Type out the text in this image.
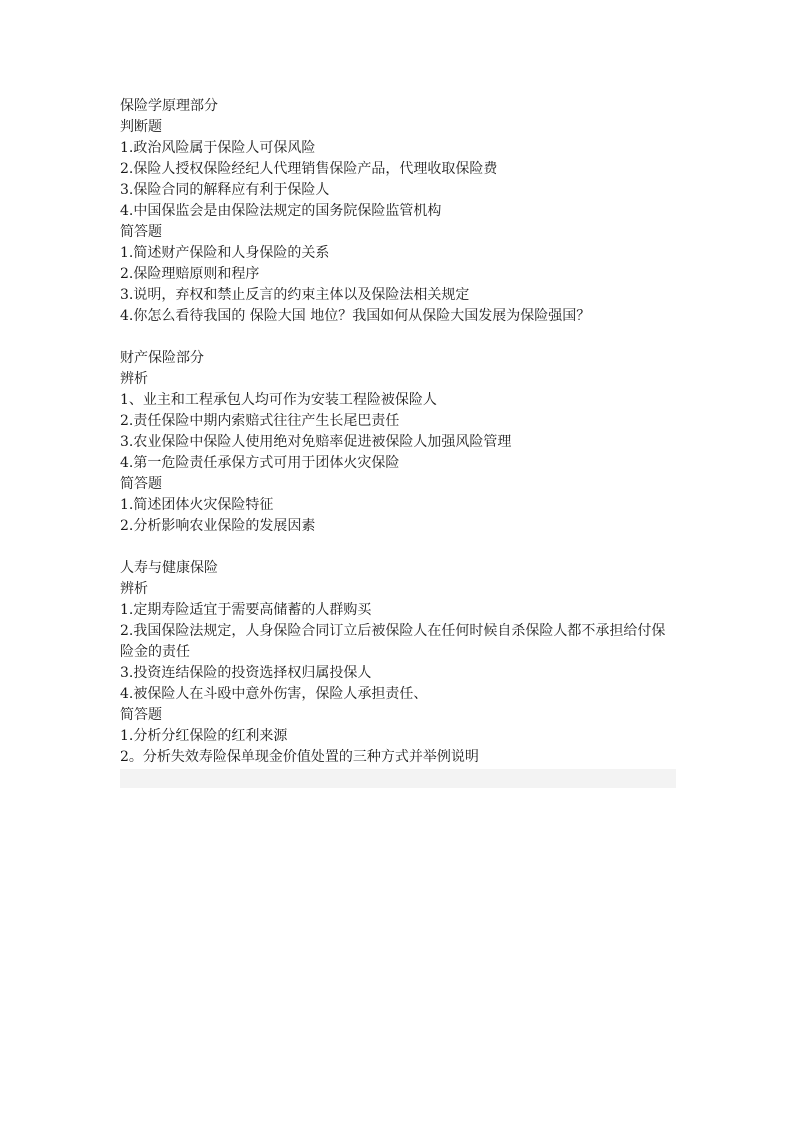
保险学原理部分
判断题
1.政治风险属于保险人可保风险
2.保险人授权保险经纪人代理销售保险产品，代理收取保险费
3.保险合同的解释应有利于保险人
4.中国保监会是由保险法规定的国务院保险监管机构
简答题
1.简述财产保险和人身保险的关系
2.保险理赔原则和程序
3.说明，弃权和禁止反言的约束主体以及保险法相关规定
4.你怎么看待我国的 保险大国 地位？我国如何从保险大国发展为保险强国？
财产保险部分
辨析
1、业主和工程承包人均可作为安装工程险被保险人
2.责任保险中期内索赔式往往产生长尾巴责任
3.农业保险中保险人使用绝对免赔率促进被保险人加强风险管理
4.第一危险责任承保方式可用于团体火灾保险
简答题
1.简述团体火灾保险特征
2.分析影响农业保险的发展因素
人寿与健康保险
辨析
1.定期寿险适宜于需要高储蓄的人群购买
2.我国保险法规定，人身保险合同订立后被保险人在任何时候自杀保险人都不承担给付保险金的责任
3.投资连结保险的投资选择权归属投保人
4.被保险人在斗殴中意外伤害，保险人承担责任、
简答题
1.分析分红保险的红利来源
2。分析失效寿险保单现金价值处置的三种方式并举例说明
